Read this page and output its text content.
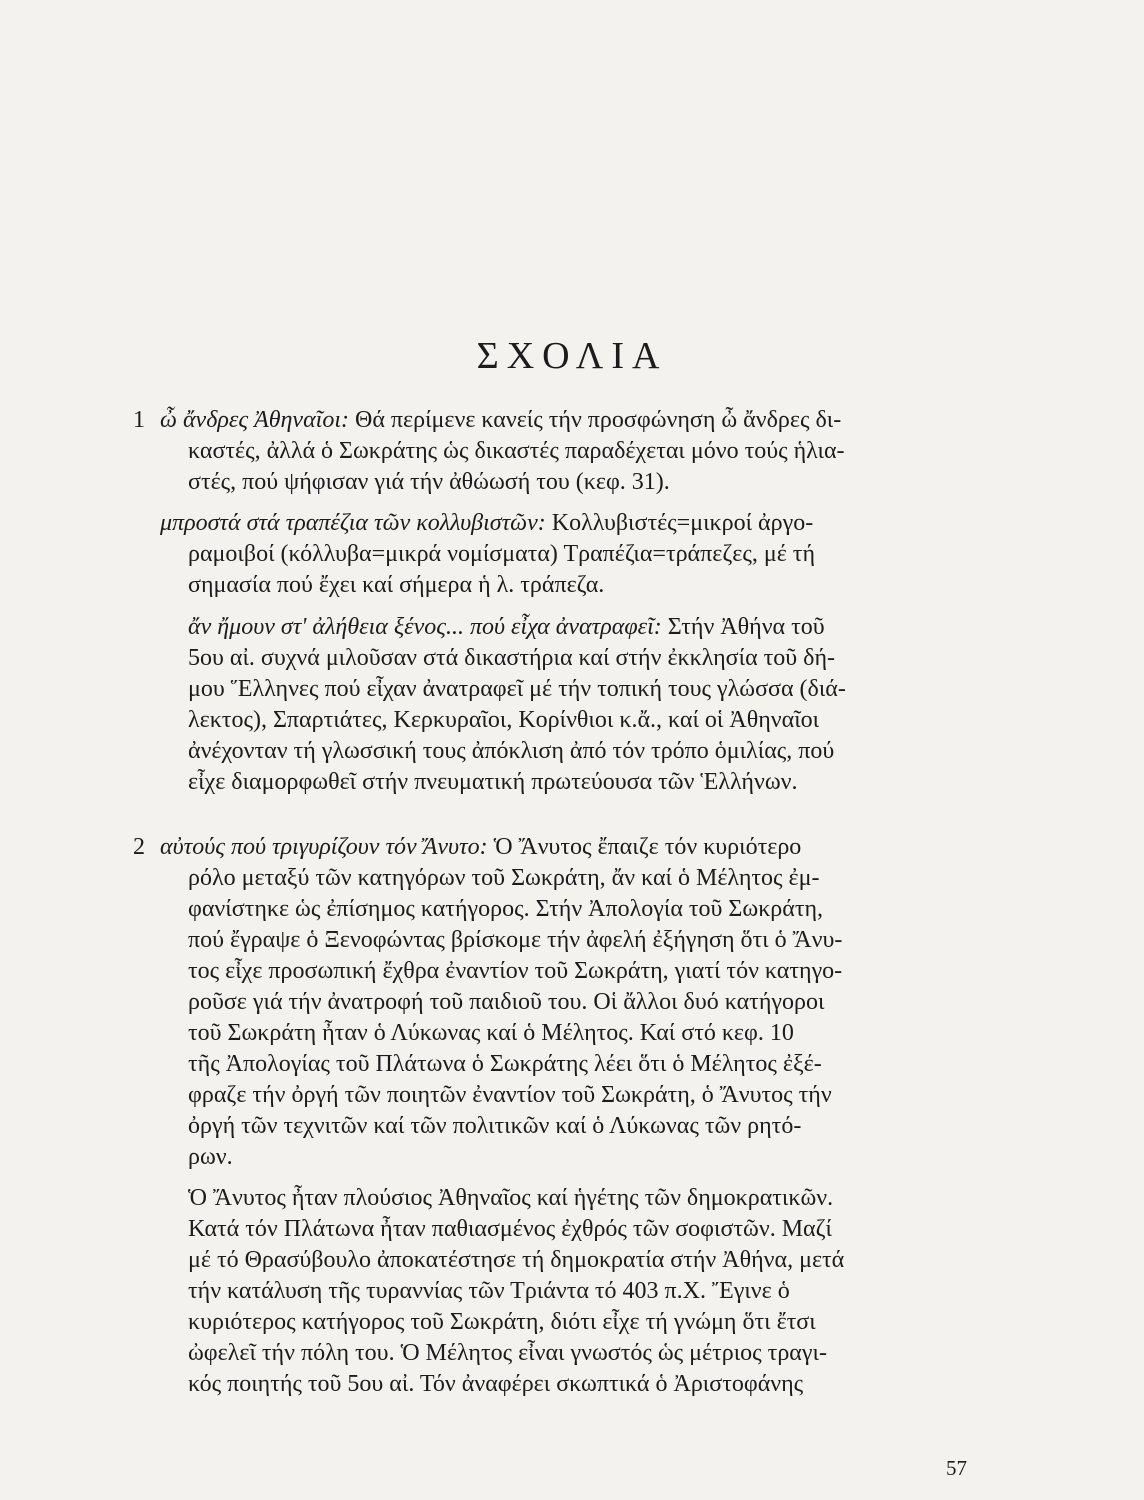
ΣΧΟΛΙΑ
1 ὦ ἄνδρες Ἀθηναῖοι: Θά περίμενε κανείς τήν προσφώνηση ὦ ἄνδρες δι-
καστές, ἀλλά ὁ Σωκράτης ὡς δικαστές παραδέχεται μόνο τούς ἡλια-
στές, πού ψήφισαν γιά τήν ἀθώωσή του (κεφ. 31).
μπροστά στά τραπέζια τῶν κολλυβιστῶν: Κολλυβιστές=μικροί ἀργο-
ραμοιβοί (κόλλυβα=μικρά νομίσματα) Τραπέζια=τράπεζες, μέ τή
σημασία πού ἔχει καί σήμερα ἡ λ. τράπεζα.
ἄν ἤμουν στ' ἀλήθεια ξένος... πού εἶχα ἀνατραφεῖ: Στήν Ἀθήνα τοῦ
5ου αἰ. συχνά μιλοῦσαν στά δικαστήρια καί στήν ἐκκλησία τοῦ δή-
μου Ἕλληνες πού εἶχαν ἀνατραφεῖ μέ τήν τοπική τους γλώσσα (διά-
λεκτος), Σπαρτιάτες, Κερκυραῖοι, Κορίνθιοι κ.ἄ., καί οἱ Ἀθηναῖοι
ἀνέχονταν τή γλωσσική τους ἀπόκλιση ἀπό τόν τρόπο ὁμιλίας, πού
εἶχε διαμορφωθεῖ στήν πνευματική πρωτεύουσα τῶν Ἑλλήνων.
2 αὐτούς πού τριγυρίζουν τόν Ἄνυτο: Ὁ Ἄνυτος ἔπαιζε τόν κυριότερο
ρόλο μεταξύ τῶν κατηγόρων τοῦ Σωκράτη, ἄν καί ὁ Μέλητος ἐμ-
φανίστηκε ὡς ἐπίσημος κατήγορος. Στήν Ἀπολογία τοῦ Σωκράτη,
πού ἔγραψε ὁ Ξενοφώντας βρίσκομε τήν ἀφελή ἐξήγηση ὅτι ὁ Ἄνυ-
τος εἶχε προσωπική ἔχθρα ἐναντίον τοῦ Σωκράτη, γιατί τόν κατηγο-
ροῦσε γιά τήν ἀνατροφή τοῦ παιδιοῦ του. Οἱ ἄλλοι δυό κατήγοροι
τοῦ Σωκράτη ἦταν ὁ Λύκωνας καί ὁ Μέλητος. Καί στό κεφ. 10
τῆς Ἀπολογίας τοῦ Πλάτωνα ὁ Σωκράτης λέει ὅτι ὁ Μέλητος ἐξέ-
φραζε τήν ὀργή τῶν ποιητῶν ἐναντίον τοῦ Σωκράτη, ὁ Ἄνυτος τήν
ὀργή τῶν τεχνιτῶν καί τῶν πολιτικῶν καί ὁ Λύκωνας τῶν ρητό-
ρων.
Ὁ Ἄνυτος ἦταν πλούσιος Ἀθηναῖος καί ἡγέτης τῶν δημοκρατικῶν.
Κατά τόν Πλάτωνα ἦταν παθιασμένος ἐχθρός τῶν σοφιστῶν. Μαζί
μέ τό Θρασύβουλο ἀποκατέστησε τή δημοκρατία στήν Ἀθήνα, μετά
τήν κατάλυση τῆς τυραννίας τῶν Τριάντα τό 403 π.Χ. Ἔγινε ὁ
κυριότερος κατήγορος τοῦ Σωκράτη, διότι εἶχε τή γνώμη ὅτι ἔτσι
ὠφελεῖ τήν πόλη του. Ὁ Μέλητος εἶναι γνωστός ὡς μέτριος τραγι-
κός ποιητής τοῦ 5ου αἰ. Τόν ἀναφέρει σκωπτικά ὁ Ἀριστοφάνης
57
